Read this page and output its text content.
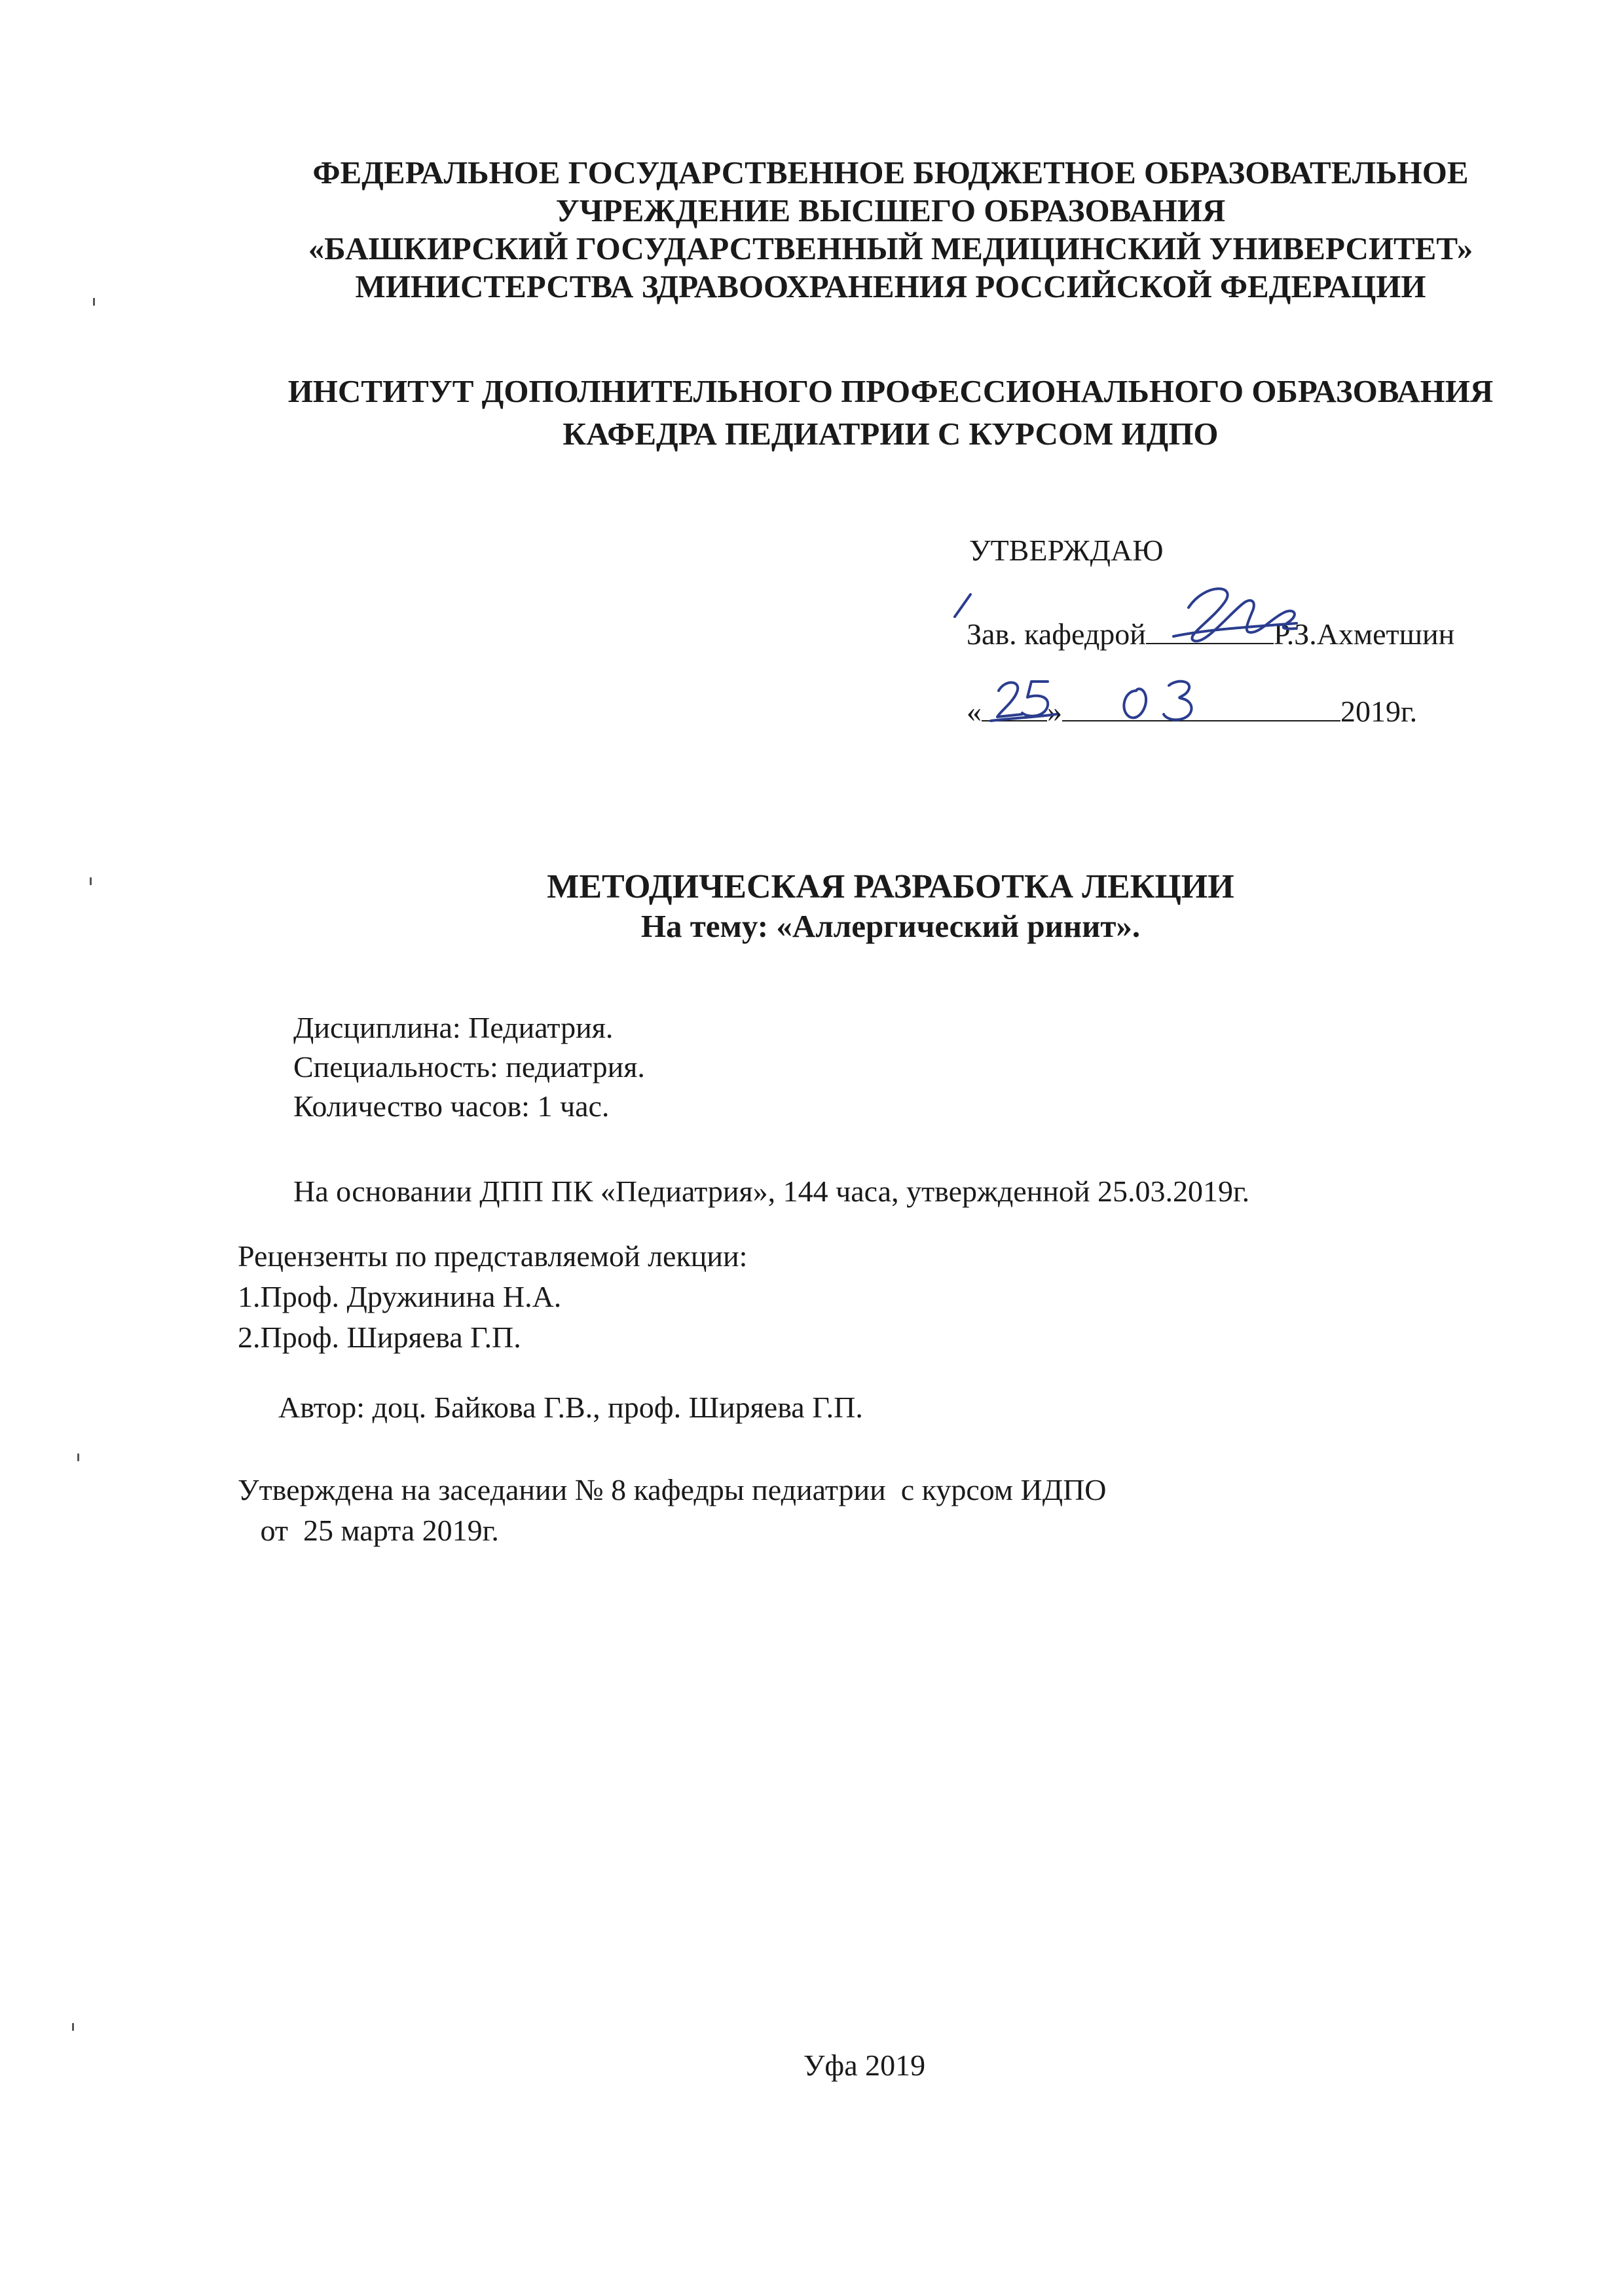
ФЕДЕРАЛЬНОЕ ГОСУДАРСТВЕННОЕ БЮДЖЕТНОЕ ОБРАЗОВАТЕЛЬНОЕ
УЧРЕЖДЕНИЕ ВЫСШЕГО ОБРАЗОВАНИЯ
«БАШКИРСКИЙ ГОСУДАРСТВЕННЫЙ МЕДИЦИНСКИЙ УНИВЕРСИТЕТ»
МИНИСТЕРСТВА ЗДРАВООХРАНЕНИЯ РОССИЙСКОЙ ФЕДЕРАЦИИ
ИНСТИТУТ ДОПОЛНИТЕЛЬНОГО ПРОФЕССИОНАЛЬНОГО ОБРАЗОВАНИЯ
КАФЕДРА ПЕДИАТРИИ С КУРСОМ ИДПО
УТВЕРЖДАЮ
Зав. кафедрой	Р.З.Ахметшин
« »	2019г.
МЕТОДИЧЕСКАЯ РАЗРАБОТКА ЛЕКЦИИ
На тему: «Аллергический ринит».
Дисциплина: Педиатрия.
Специальность: педиатрия.
Количество часов: 1 час.
На основании ДПП ПК «Педиатрия», 144 часа, утвержденной 25.03.2019г.
Рецензенты по представляемой лекции:
1.Проф. Дружинина Н.А.
2.Проф. Ширяева Г.П.
Автор: доц. Байкова Г.В., проф. Ширяева Г.П.
Утверждена на заседании № 8 кафедры педиатрии  с курсом ИДПО
от  25 марта 2019г.
Уфа 2019
